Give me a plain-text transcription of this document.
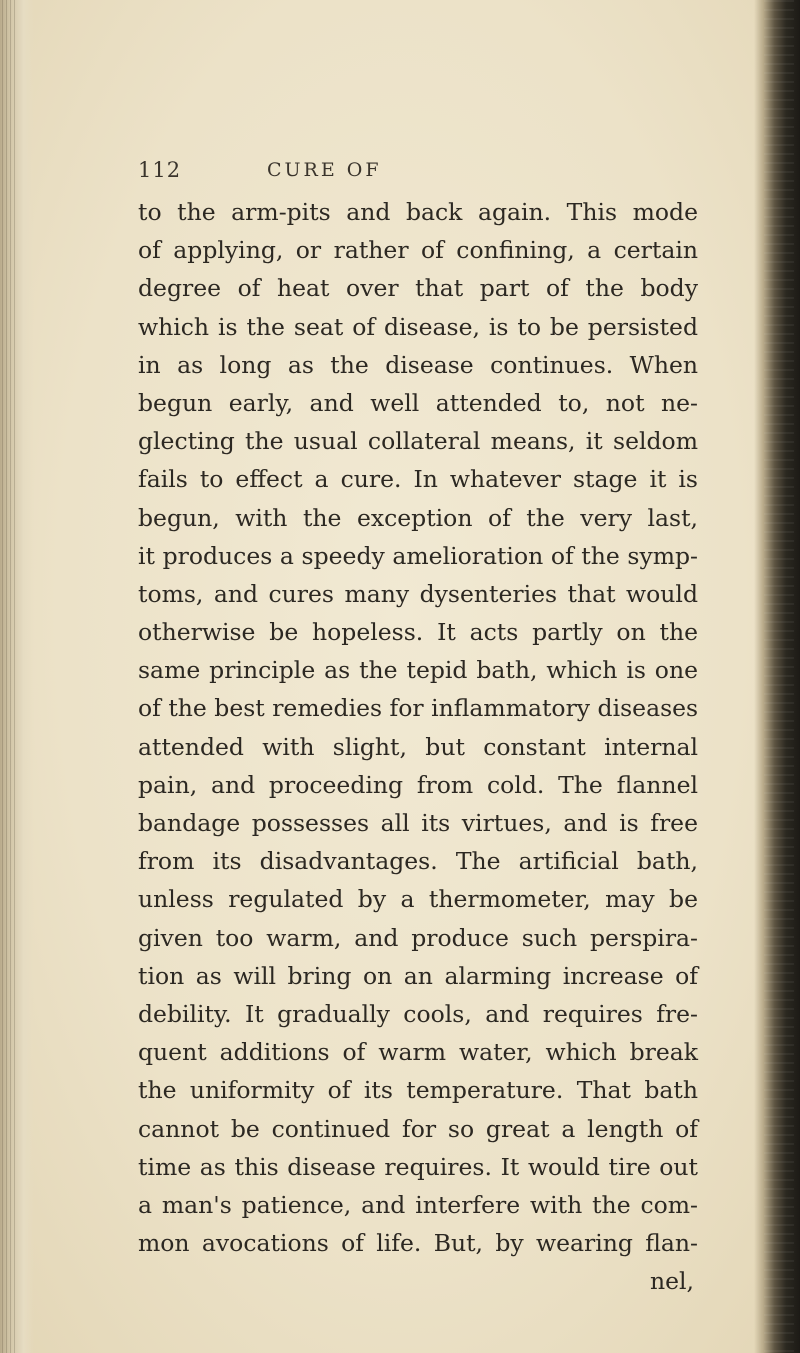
112	CURE OF
to the arm-pits and back again. This mode
of applying, or rather of confining, a certain
degree of heat over that part of the body
which is the seat of disease, is to be persisted
in as long as the disease continues. When
begun early, and well attended to, not ne-
glecting the usual collateral means, it seldom
fails to effect a cure. In whatever stage it is
begun, with the exception of the very last,
it produces a speedy amelioration of the symp-
toms, and cures many dysenteries that would
otherwise be hopeless. It acts partly on the
same principle as the tepid bath, which is one
of the best remedies for inflammatory diseases
attended with slight, but constant internal
pain, and proceeding from cold. The flannel
bandage possesses all its virtues, and is free
from its disadvantages. The artificial bath,
unless regulated by a thermometer, may be
given too warm, and produce such perspira-
tion as will bring on an alarming increase of
debility. It gradually cools, and requires fre-
quent additions of warm water, which break
the uniformity of its temperature. That bath
cannot be continued for so great a length of
time as this disease requires. It would tire out
a man's patience, and interfere with the com-
mon avocations of life. But, by wearing flan-
nel,
